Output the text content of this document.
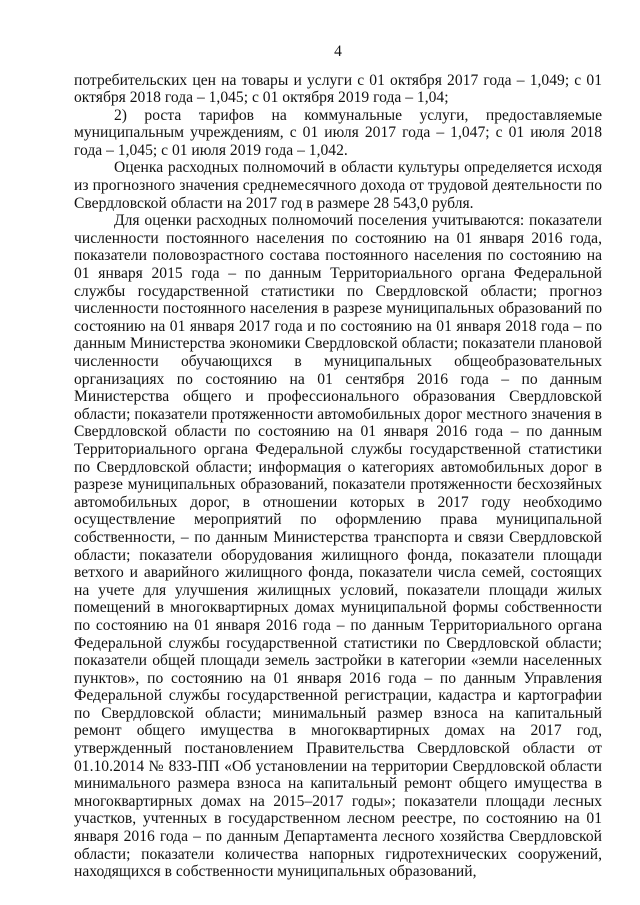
4

потребительских цен на товары и услуги с 01 октября 2017 года – 1,049; с 01 октября 2018 года – 1,045; с 01 октября 2019 года – 1,04;

2) роста тарифов на коммунальные услуги, предоставляемые муниципальным учреждениям, с 01 июля 2017 года – 1,047; с 01 июля 2018 года – 1,045; с 01 июля 2019 года – 1,042.

Оценка расходных полномочий в области культуры определяется исходя из прогнозного значения среднемесячного дохода от трудовой деятельности по Свердловской области на 2017 год в размере 28 543,0 рубля.

Для оценки расходных полномочий поселения учитываются: показатели численности постоянного населения по состоянию на 01 января 2016 года, показатели половозрастного состава постоянного населения по состоянию на 01 января 2015 года – по данным Территориального органа Федеральной службы государственной статистики по Свердловской области; прогноз численности постоянного населения в разрезе муниципальных образований по состоянию на 01 января 2017 года и по состоянию на 01 января 2018 года – по данным Министерства экономики Свердловской области; показатели плановой численности обучающихся в муниципальных общеобразовательных организациях по состоянию на 01 сентября 2016 года – по данным Министерства общего и профессионального образования Свердловской области; показатели протяженности автомобильных дорог местного значения в Свердловской области по состоянию на 01 января 2016 года – по данным Территориального органа Федеральной службы государственной статистики по Свердловской области; информация о категориях автомобильных дорог в разрезе муниципальных образований, показатели протяженности бесхозяйных автомобильных дорог, в отношении которых в 2017 году необходимо осуществление мероприятий по оформлению права муниципальной собственности, – по данным Министерства транспорта и связи Свердловской области; показатели оборудования жилищного фонда, показатели площади ветхого и аварийного жилищного фонда, показатели числа семей, состоящих на учете для улучшения жилищных условий, показатели площади жилых помещений в многоквартирных домах муниципальной формы собственности по состоянию на 01 января 2016 года – по данным Территориального органа Федеральной службы государственной статистики по Свердловской области; показатели общей площади земель застройки в категории «земли населенных пунктов», по состоянию на 01 января 2016 года – по данным Управления Федеральной службы государственной регистрации, кадастра и картографии по Свердловской области; минимальный размер взноса на капитальный ремонт общего имущества в многоквартирных домах на 2017 год, утвержденный постановлением Правительства Свердловской области от 01.10.2014 № 833-ПП «Об установлении на территории Свердловской области минимального размера взноса на капитальный ремонт общего имущества в многоквартирных домах на 2015–2017 годы»; показатели площади лесных участков, учтенных в государственном лесном реестре, по состоянию на 01 января 2016 года – по данным Департамента лесного хозяйства Свердловской области; показатели количества напорных гидротехнических сооружений, находящихся в собственности муниципальных образований,
